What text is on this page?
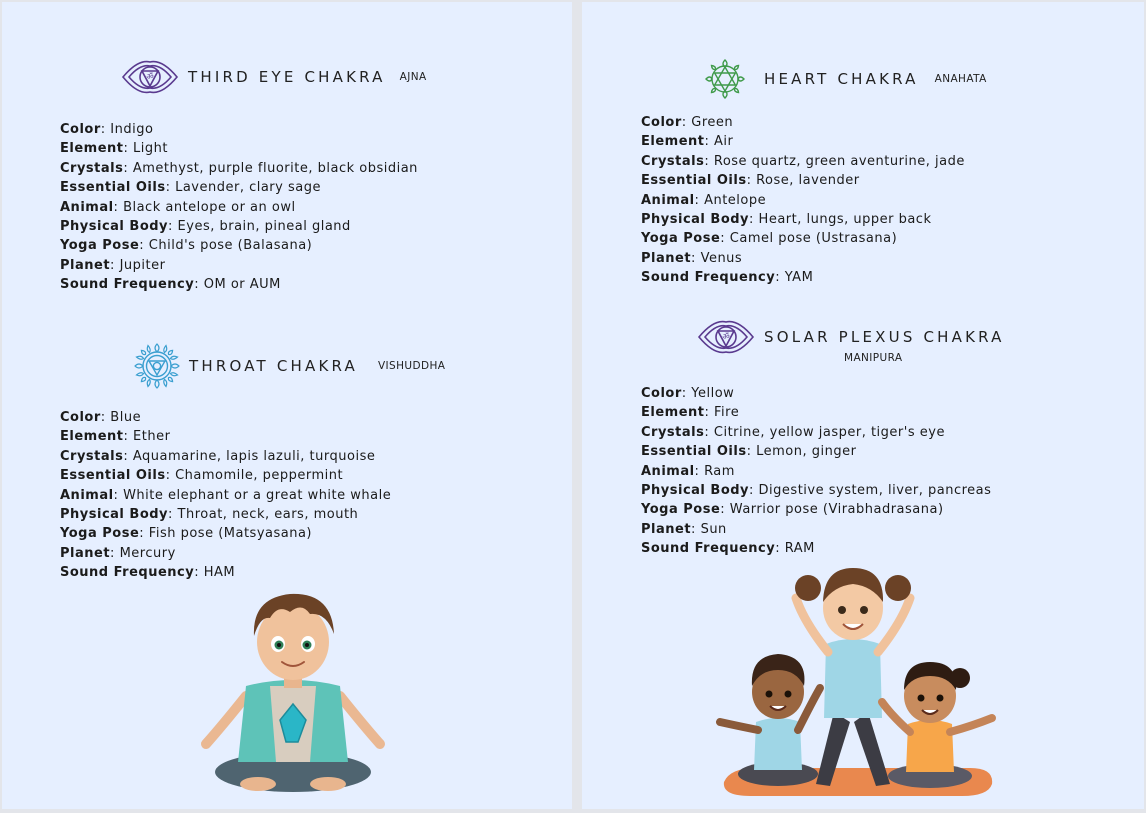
ॐ THIRD EYE CHAKRA AJNA
Color: Indigo
Element: Light
Crystals: Amethyst, purple fluorite, black obsidian
Essential Oils: Lavender, clary sage
Animal: Black antelope or an owl
Physical Body: Eyes, brain, pineal gland
Yoga Pose: Child's pose (Balasana)
Planet: Jupiter
Sound Frequency: OM or AUM
THROAT CHAKRA VISHUDDHA
Color: Blue
Element: Ether
Crystals: Aquamarine, lapis lazuli, turquoise
Essential Oils: Chamomile, peppermint
Animal: White elephant or a great white whale
Physical Body: Throat, neck, ears, mouth
Yoga Pose: Fish pose (Matsyasana)
Planet: Mercury
Sound Frequency: HAM
HEART CHAKRA ANAHATA
Color: Green
Element: Air
Crystals: Rose quartz, green aventurine, jade
Essential Oils: Rose, lavender
Animal: Antelope
Physical Body: Heart, lungs, upper back
Yoga Pose: Camel pose (Ustrasana)
Planet: Venus
Sound Frequency: YAM
ॐ SOLAR PLEXUS CHAKRA
MANIPURA
Color: Yellow
Element: Fire
Crystals: Citrine, yellow jasper, tiger's eye
Essential Oils: Lemon, ginger
Animal: Ram
Physical Body: Digestive system, liver, pancreas
Yoga Pose: Warrior pose (Virabhadrasana)
Planet: Sun
Sound Frequency: RAM
